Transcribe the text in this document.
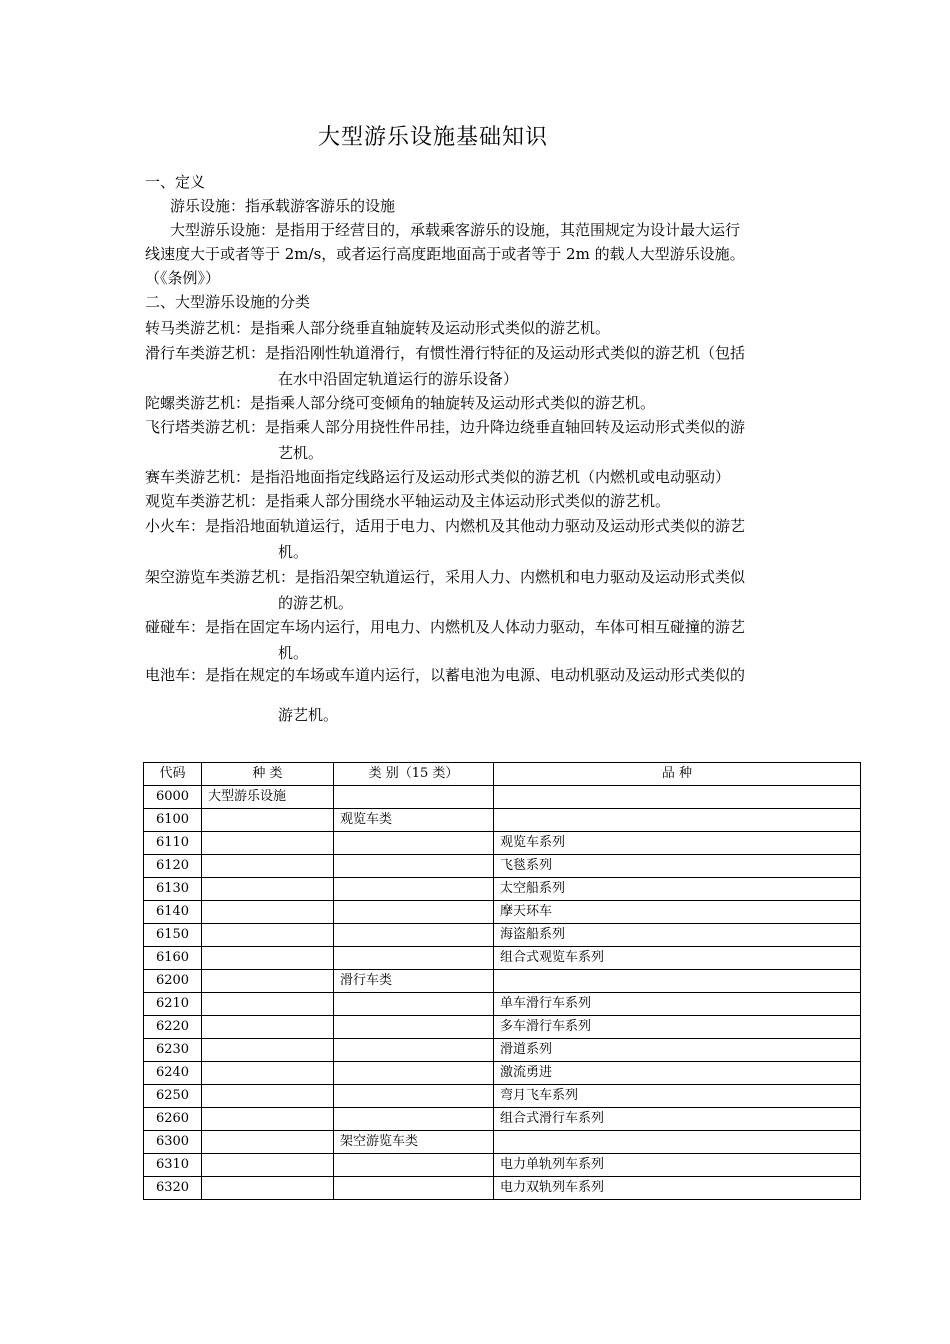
大型游乐设施基础知识
一、定义
游乐设施：指承载游客游乐的设施
大型游乐设施：是指用于经营目的，承载乘客游乐的设施，其范围规定为设计最大运行
线速度大于或者等于 2m/s，或者运行高度距地面高于或者等于 2m 的载人大型游乐设施。
（《条例》）
二、大型游乐设施的分类
转马类游艺机：是指乘人部分绕垂直轴旋转及运动形式类似的游艺机。
滑行车类游艺机：是指沿刚性轨道滑行，有惯性滑行特征的及运动形式类似的游艺机（包括
在水中沿固定轨道运行的游乐设备）
陀螺类游艺机：是指乘人部分绕可变倾角的轴旋转及运动形式类似的游艺机。
飞行塔类游艺机：是指乘人部分用挠性件吊挂，边升降边绕垂直轴回转及运动形式类似的游
艺机。
赛车类游艺机：是指沿地面指定线路运行及运动形式类似的游艺机（内燃机或电动驱动）
观览车类游艺机：是指乘人部分围绕水平轴运动及主体运动形式类似的游艺机。
小火车：是指沿地面轨道运行，适用于电力、内燃机及其他动力驱动及运动形式类似的游艺
机。
架空游览车类游艺机：是指沿架空轨道运行，采用人力、内燃机和电力驱动及运动形式类似
的游艺机。
碰碰车：是指在固定车场内运行，用电力、内燃机及人体动力驱动，车体可相互碰撞的游艺
机。
电池车：是指在规定的车场或车道内运行，以蓄电池为电源、电动机驱动及运动形式类似的
游艺机。
代码	种 类	类 别（15 类）	品 种
6000	大型游乐设施		
6100		观览车类	
6110			观览车系列
6120			飞毯系列
6130			太空船系列
6140			摩天环车
6150			海盗船系列
6160			组合式观览车系列
6200		滑行车类	
6210			单车滑行车系列
6220			多车滑行车系列
6230			滑道系列
6240			激流勇进
6250			弯月飞车系列
6260			组合式滑行车系列
6300		架空游览车类	
6310			电力单轨列车系列
6320			电力双轨列车系列
